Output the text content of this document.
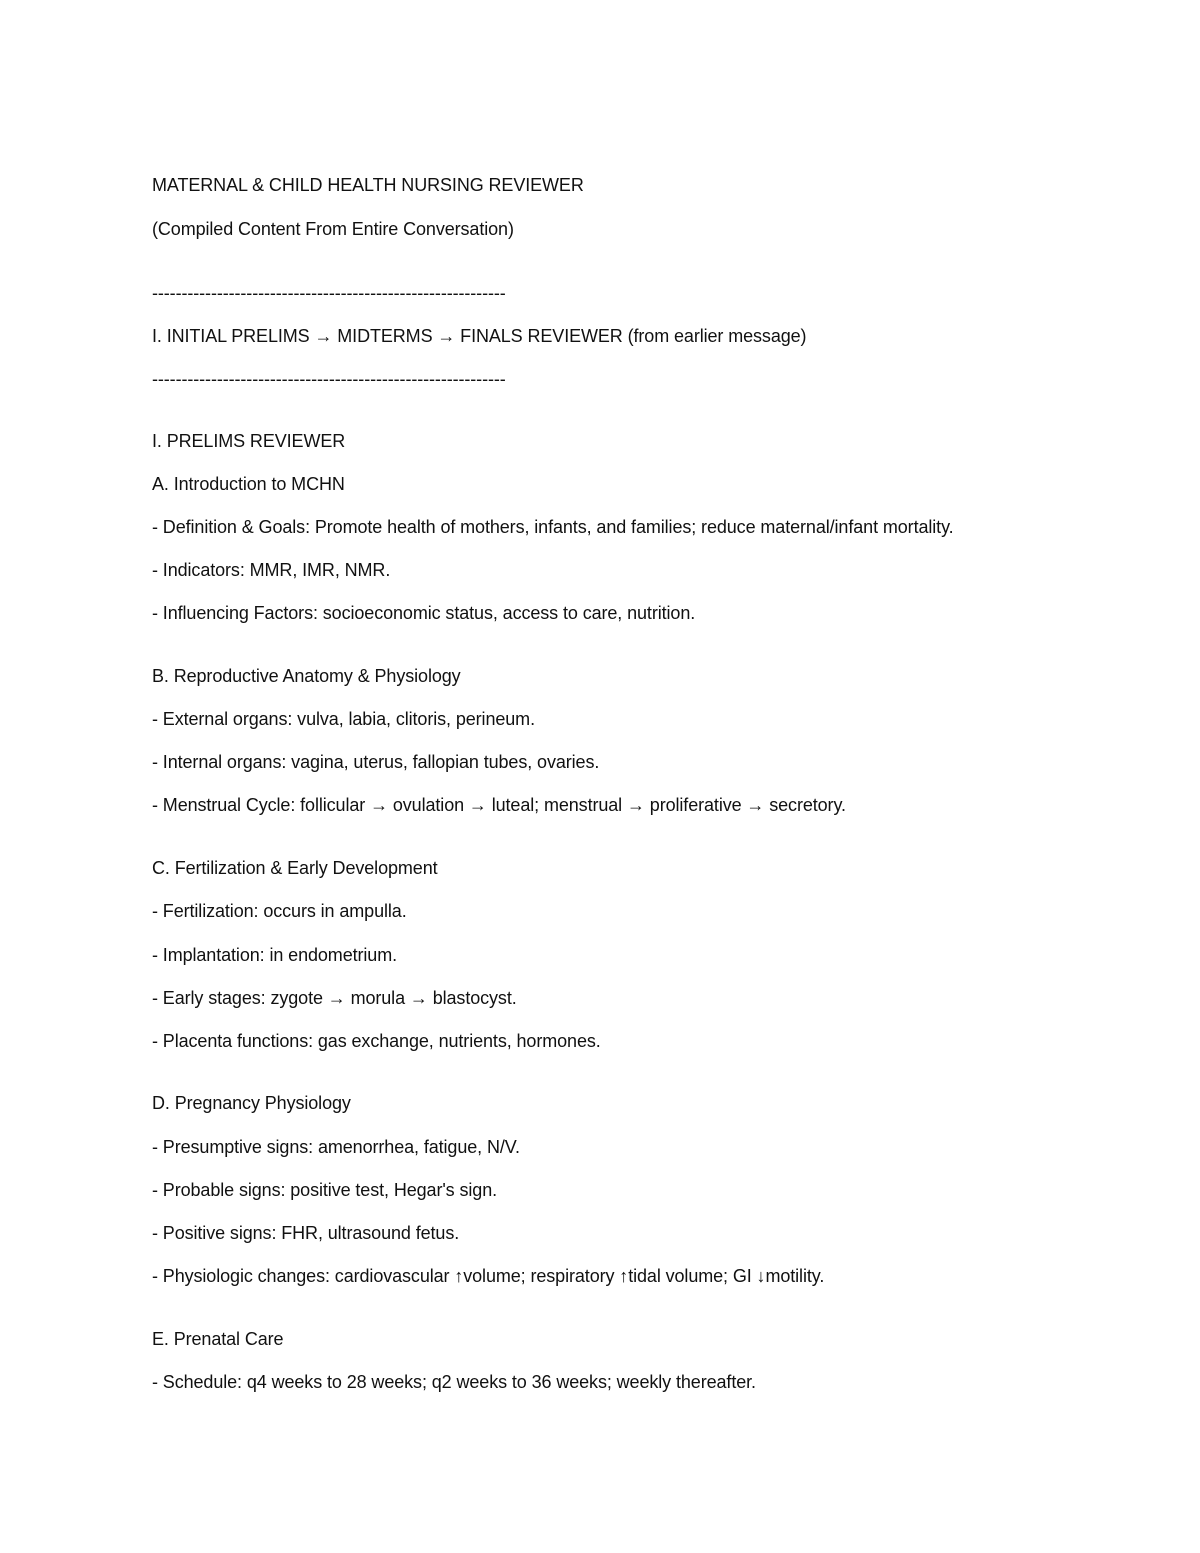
MATERNAL & CHILD HEALTH NURSING REVIEWER
(Compiled Content From Entire Conversation)
------------------------------------------------------------
I. INITIAL PRELIMS → MIDTERMS → FINALS REVIEWER (from earlier message)
------------------------------------------------------------
I. PRELIMS REVIEWER
A. Introduction to MCHN
- Definition & Goals: Promote health of mothers, infants, and families; reduce maternal/infant mortality.
- Indicators: MMR, IMR, NMR.
- Influencing Factors: socioeconomic status, access to care, nutrition.
B. Reproductive Anatomy & Physiology
- External organs: vulva, labia, clitoris, perineum.
- Internal organs: vagina, uterus, fallopian tubes, ovaries.
- Menstrual Cycle: follicular → ovulation → luteal; menstrual → proliferative → secretory.
C. Fertilization & Early Development
- Fertilization: occurs in ampulla.
- Implantation: in endometrium.
- Early stages: zygote → morula → blastocyst.
- Placenta functions: gas exchange, nutrients, hormones.
D. Pregnancy Physiology
- Presumptive signs: amenorrhea, fatigue, N/V.
- Probable signs: positive test, Hegar's sign.
- Positive signs: FHR, ultrasound fetus.
- Physiologic changes: cardiovascular ↑volume; respiratory ↑tidal volume; GI ↓motility.
E. Prenatal Care
- Schedule: q4 weeks to 28 weeks; q2 weeks to 36 weeks; weekly thereafter.
